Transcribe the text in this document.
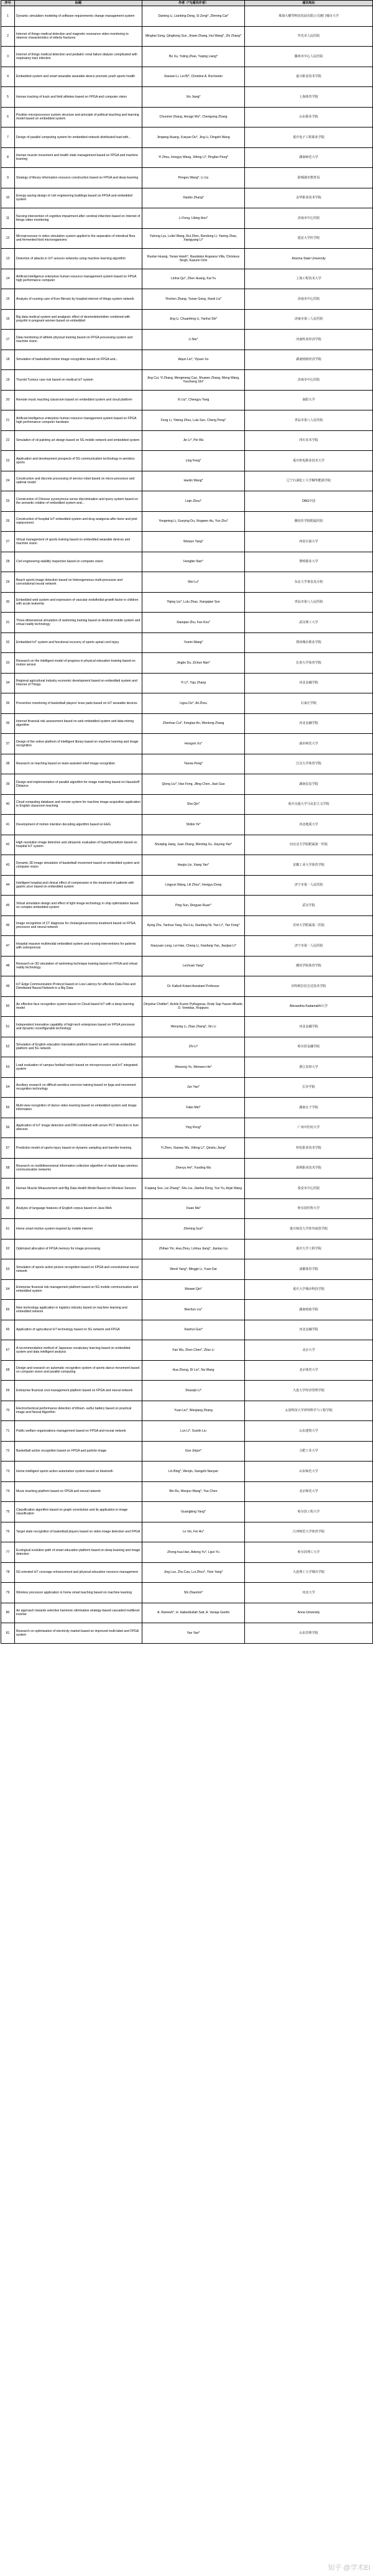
序号	标题	作者（*为通讯作者）	通讯地址
1	Dynamic simulation modeling of software requirements change management system	Daming Li, Lianbing Deng, Si Zeng*, Zhiming Cai*	珠海大横琴科技发展有限公司澳门城市大学
2	Internet of things medical detection and magnetic resonance video monitoring to observe characteristics of elderly fractures	Minghai Song, Qinghong Sun, Jinwei Zhang, Hui Wang*, Zhi Zhang*	寿光市人民医院
3	Internet of things medical detection and pediatric renal failure dialysis complicated with respiratory tract infection	Bo Xu, Yuting Zhao, Yuqing Liang*	滕州市中心人民医院
4	Embedded system and smart wearable wearable device promote youth sports health	Xiaowei Li, Lei Bi*, Christine A. Rochester	嘉兴职业技术学院
5	Human tracking of track and field athletes based on FPGA and computer vision	Xin Jiang*	上海体育学院
6	Position microprocessor system structure and principle of political teaching and learning model based on embedded system	Chunmei Zhang, Hongyi Wu*, Chengxing Zhang	山东职业学院
7	Design of parallel computing system for embedded network distributed load with...	Jinqiang Huang, Xueyan Du*, Jing Li, Dingshi Wang	重庆电子工程职业学院
8	Human muscle movement and health state management based on FPGA and machine learning	Yi Zhou, Hongyu Wang, Xifeng Li*, Pingfan Peng*	湖南师范大学
9	Strategy of library information resource construction based on FPGA and deep learning	Pengxu Wang*, Li Liu	防城港市教育局
10	Energy-saving design of civil engineering buildings based on FPGA and embedded system	Xiaobo Zhang*	金华职业技术学院
11	Nursing intervention of cognitive impairment after cerebral infarction based on Internet of things video monitoring	Li Feng, Libing Hou*	济南市中心医院
12	Microprocessor in video simulation system applied to the separation of intestinal flora and fermented food microorganisms	Yuhong Lyu, Leilei Wang, Rui Zhen, Rendong Li, Yaning Zhao, Xiangyang Li*	延安大学医学院
13	Detection of attacks in IoT sensors networks using machine learning algorithm	Ruolan Huang, Yanan Hsieh*, Raudalsio Anjarana Villa, Christeus Singh, Kasumi Ochi	Arizona State University
14	Artificial intelligence enterprise human resource management system based on FPGA high performance computer	Linhui Qu*, Zhen Huang, Kai Yu	上海工程技术大学
15	Analysis of nursing care of liver fibrosis by hospital internet of things system network	Yinchen Zhang, Yunan Gong, Xiaoli Liu*	济南市中心医院
16	Big data medical system and analgesic effect of dexmedetomidine combined with propofol in pregnant women based on embedded	Jing Li, Chuanfeng Li, Yanhui Shi*	济南市第三人民医院
17	Data monitoring of athlete physical training based on FPGA processing system and machine vision	Li Niu*	河南牧业经济学院
18	Simulation of basketball motion image recognition based on FPGA and...	Aiqun Liu*, Yiyuan Xu	湖南财政经济学院
19	Thyroid Tumour care risk based on medical IoT system	Jing Cui, Yi Zhang, Mengmeng Cao, Shuwen Zhang, Meng Wang, Yuezheng Shi*	济南市中心医院
20	Remote music teaching classroom based on embedded system and cloud platform	Xi Liu*, Chengyu Yang	南阳大学
21	Artificial intelligence enterprise human resource management system based on FPGA high performance computer hardware	Feng Li, Yidong Zhou, Lulu Sun, Cheng Peng*	青岛市第八人民医院
22	Simulation of oil painting art design based on 5G mobile network and embedded system	Jie Li*, Pei Wu	四川美术学院
23	Application and development prospects of 5G communication technology in aerobics sports	Ling Feng*	重庆机电职业技术大学
24	Construction and discrete processing of service robot based on micro-processor and optimal model	Haolin Wang*	辽宁石油化工大学顺华能源学院
25	Construction of Chinese synonymous sense discrimination and query system based on the semantic relation of embedded system and...	Liqin Zhou*	OBG中国
26	Construction of hospital IoT embedded system and drug analgesia after bone and joint replacement	Yongming Li, Guoying Du, Xingwen Hu, Yun Zhu*	潍坊医学院附属医院
27	Virtual management of sports training based on embedded wearable devices and machine vision	Wenjun Yang*	西安石油大学
28	Civil engineering stability inspection based on computer vision	Hongbin Nan*	黎明职业大学
29	Beach sports image detection based on heterogeneous multi-processor and convolutional neural network	Wei Lu*	东北大学秦皇岛分校
30	Embedded web system and expression of vascular endothelial growth factor in children with acute leukemia	Yiqing Liu*, Lulu Zhao, Xiangqian Sun	青岛市第八人民医院
31	Three-dimensional simulation of swimming training based on Android mobile system and virtual reality technology	Xiaoqiao Zhu, Fan Kou*	武汉理工大学
32	Embedded IoT system and functional recovery of sports spinal cord injury	Yumin Wang*	郑州城市职业学院
33	Research on the intelligent model of progress in physical education training based on motion sensor	Jingbo Du, Zichun Nan*	长春大学体育学院
34	Regional agricultural industry economic development based on embedded system and Internet of Things	Yi Li*, Yuju Zhang	河北金融学院
35	Preventive monitoring of basketball players' knee pads based on IoT wearable devices	Ligou Du*, Ali Zhou	石家庄学院
36	Internet financial risk assessment based on web embedded system and data mining algorithm	Zhenhao Cui*, Fengtao An, Wenlong Zhang	河北金融学院
37	Design of the online platform of intelligent library based on machine learning and image recognition	Hongxin Xu*	曲阜师范大学
38	Research on teaching based on team-assisted relief image recognition	Yanxia Peng*	江汉大学体育学院
39	Design and implementation of parallel algorithm for image matching based on Hausdorff Distance	Qiong Liu*, Hao Feng, Jiling Chen, Jiaxi Gao	湖南信息学院
40	Cloud computing database and remote system for machine image acquisition application in English classroom teaching	Sha Qin*	重庆交通大学马克思主义学院
41	Development of motion intention decoding algorithm based on EEG	Shibin Ye*	河北地质大学
42	High resolution image detection and ultrasonic evaluation of hyperthyroidism based on hospital IoT system	Shuiqing Jiang, Juan Zhang, Wenting Xu, Jiayong Yan*	河北北方学院附属第一医院
43	Dynamic 3D image simulation of basketball movement based on embedded system and computer vision	Haojia Lin, Xiang Yan*	安徽工业大学体育学院
44	Intelligent hospital and clinical effect of compression in the treatment of patients with gastric ulcer based on embedded system	Lingyun Wang, Lili Zhou*, Hengyu Dong	济宁市第一人民医院
45	Virtual simulation design and effect of light image technology in ship optimization based on complex embedded system	Ping Sun, Dingyao Ruan*	武汉学院
46	Image recognition of CT diagnosis for cholangiocarcinoma treatment based on FPGA processor and neural network	Aying Zhu, Yanhua Yang, Rui Liu, Xiaofang Ni, Yan Li*, Yan Feng*	苏州大学附属第二医院
47	Hospital massive multimodal embedded system and nursing interventions for patients with osteoporosis	Xiaoyuan Long, Lei Hao, Cheng Li, Xiaofang Yan, Jiaojiao Li*	济宁市第一人民医院
48	Research on 3D simulation of swimming technique training based on FPGA and virtual reality technology	Lechuan Yang*	潍坊学院体育学院
49	IoT-Edge Communication Protocol based on Low Latency for effective Data Flow and Distributed Neural Network in a Big Data	Dr. Kalkoli Kotani Assistant Professor	沙特阿拉伯吉达技术学院
50	An effective face recognition system based on Cloud based IoT with a deep learning model	Dinyelse Chidike*, Achile Kuzon Pythagoras, Rody Sap Yasser Alharbi, D. Vomidas, Roppues	Alexandria Kadamakhl大学
51	Independent innovative capability of high-tech enterprises based on FPGA processor and dynamic reconfigurable technology	Wenying Li, Zhao Zhang*, Xin Li	河北金融学院
52	Simulation of English education translation platform based on web remote embedded platform and 5G network	Zhi Li*	哈尔滨金融学院
53	Load evaluation of campus football match based on microprocessor and IoT integrated system	Weizong Yu, Wenwen He*	浙江农林大学
54	Auxiliary research on difficult aerobics exercise training based on fpga and movement recognition technology	Jun Yao*	长沙学院
55	Multi-view recognition of dance video learning based on embedded system and image information	Fabo Mei*	湖南女子学院
56	Application of IoT image detection and DWI combined with serum PCT detection in liver abscess	Ying Peng*	广州中医药大学
57	Prediction model of sports injury based on dynamic sampling and transfer learning	Yi Zhen, Xiaowu Wu, Xifeng Li*, Qinshu Jiang*	怀化职业技术学院
58	Research on multidimensional information collection algorithm of martial leaps wireless communication networks	Zhenyu He*, Yunding Wu	深圳职业技术学院
59	Human Muscle Measurement and Big Data Health Model Based on Wireless Sensors	Fuqiang Sun, Lei Zhang*, Shu Liu, Jianhui Dong, Yun Yu, Anjie Wang	泰安市中心医院
60	Analysis of language features of English corpus based on Java Web	Xiuan Ma*	哈尔滨医科大学
61	Home smart motion system inspired by mobile internet	Zhiming Guo*	重庆师范大学涉外商贸学院
62	Optimized allocation of FPGA memory for image processing	Zhihao Yin, Hua Zhou, Linhua Jiang*, Jiantao Liu	重庆大学工程学院
63	Simulation of sports action picture recognition based on FPGA and convolutional neural network	Wenli Yang*, Mingjie Li, Yuan Dai	成都体育学院
64	Enterprise financial risk management platform based on 5G mobile communication and embedded system	Weiwei Qin*	重庆大学城市科技学院
65	New technology application in logistics industry based on machine learning and embedded network	Beichun Liu*	湖南财政学院
66	Application of agricultural IoT technology based on 5G network and FPGA	Xiaohui Guo*	河北金融学院
67	A recommendation method of Japanese vocabulary learning based on embedded system and data intelligent analysis	Fan Wu, Zhen Chen*, Ziluo Li	北京大学
68	Design and research on automatic recognition system of sports dance movement based on computer vision and parallel computing	Hua Zheng, Di Liu*, Na Wang	北京体育大学
69	Enterprise financial cost management platform based on FPGA and neural network	Shaoqin Li*	大连大学经济管理学院
70	Electrochemical performance detection of lithium -sulfur battery based on practical image and Neural Algorithm	Yuan Liu*, Wenjiang Zhang	太原科技大学材料科学与工程学院
71	Public welfare organizations management based on FPGA and neural network	Lun Li*, Guolin Liu	山东建筑大学
72	Basketball action recognition based on FPGA and particle image	Guo Jinjun*	合肥工业大学
73	Home intelligent sports action automation system based on bluetooth	Lin Bing*, Wenjin, Xiangzhi Nanyan	山东师范大学
74	Music teaching platform based on FPGA and neural network	Bin Ru, Wenjun Wang*, Yue Chen	北京师范大学
75	Classification algorithm based on graph convolution and its application in image classification	Guangbing Yang*	哈尔滨工程大学
76	Target state recognition of basketball players based on video image detection and FPGA	Le Vin, Fei Hu*	江西师范大学体育学院
77	Ecological evolution path of smart education platform based on deep learning and image detection	Zhong-hua Han, Aidong Yu*, Lijun Yu	哈尔滨理工大学
78	5G-oriented IoT coverage enhancement and physical education resource management	Jing Luo, Zhu Cao, Lui Zhou*, Yixin Yang*	大连理工大学城市学院
79	Wireless processor application in home smart teaching based on machine learning	Shi Zhaomin*	河北大学
80	An approach towards selective harmonic elimination strategy-based cascaded multilevel inverter	A. Ramesh*, H. Habeebullah Sait, A. Vanaja Geethi	Anna University
81	Research on optimization of electricity market based on improved multi-label and FPGA system	Yan Yan*	山东管理学院
知乎 @学术EI
